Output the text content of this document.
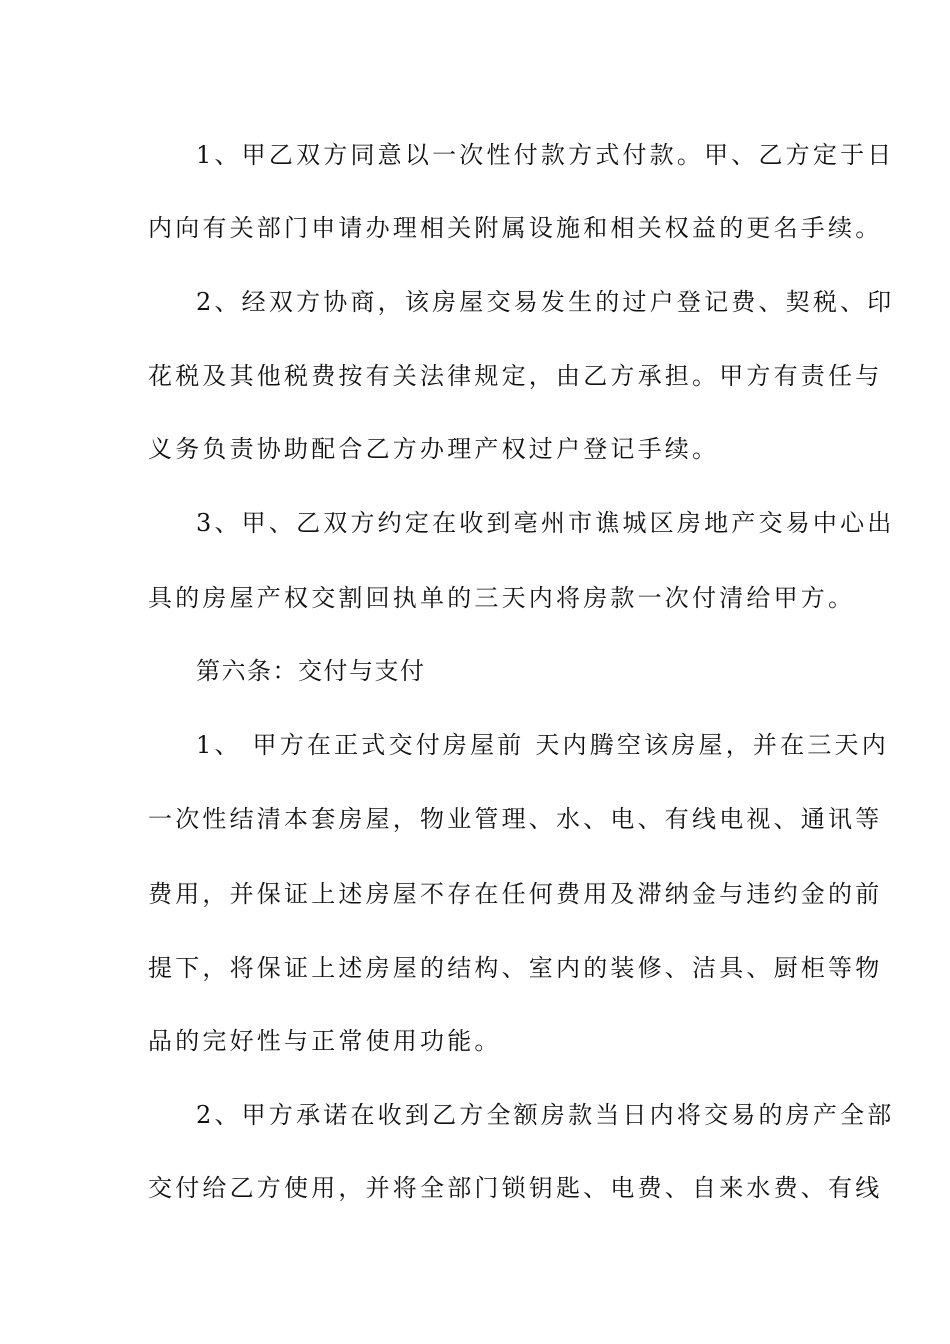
1、甲乙双方同意以一次性付款方式付款。甲、乙方定于日
内向有关部门申请办理相关附属设施和相关权益的更名手续。
2、经双方协商，该房屋交易发生的过户登记费、契税、印
花税及其他税费按有关法律规定，由乙方承担。甲方有责任与
义务负责协助配合乙方办理产权过户登记手续。
3、甲、乙双方约定在收到亳州市谯城区房地产交易中心出
具的房屋产权交割回执单的三天内将房款一次付清给甲方。
第六条：交付与支付
1、 甲方在正式交付房屋前 天内腾空该房屋，并在三天内
一次性结清本套房屋，物业管理、水、电、有线电视、通讯等
费用，并保证上述房屋不存在任何费用及滞纳金与违约金的前
提下，将保证上述房屋的结构、室内的装修、洁具、厨柜等物
品的完好性与正常使用功能。
2、甲方承诺在收到乙方全额房款当日内将交易的房产全部
交付给乙方使用，并将全部门锁钥匙、电费、自来水费、有线
